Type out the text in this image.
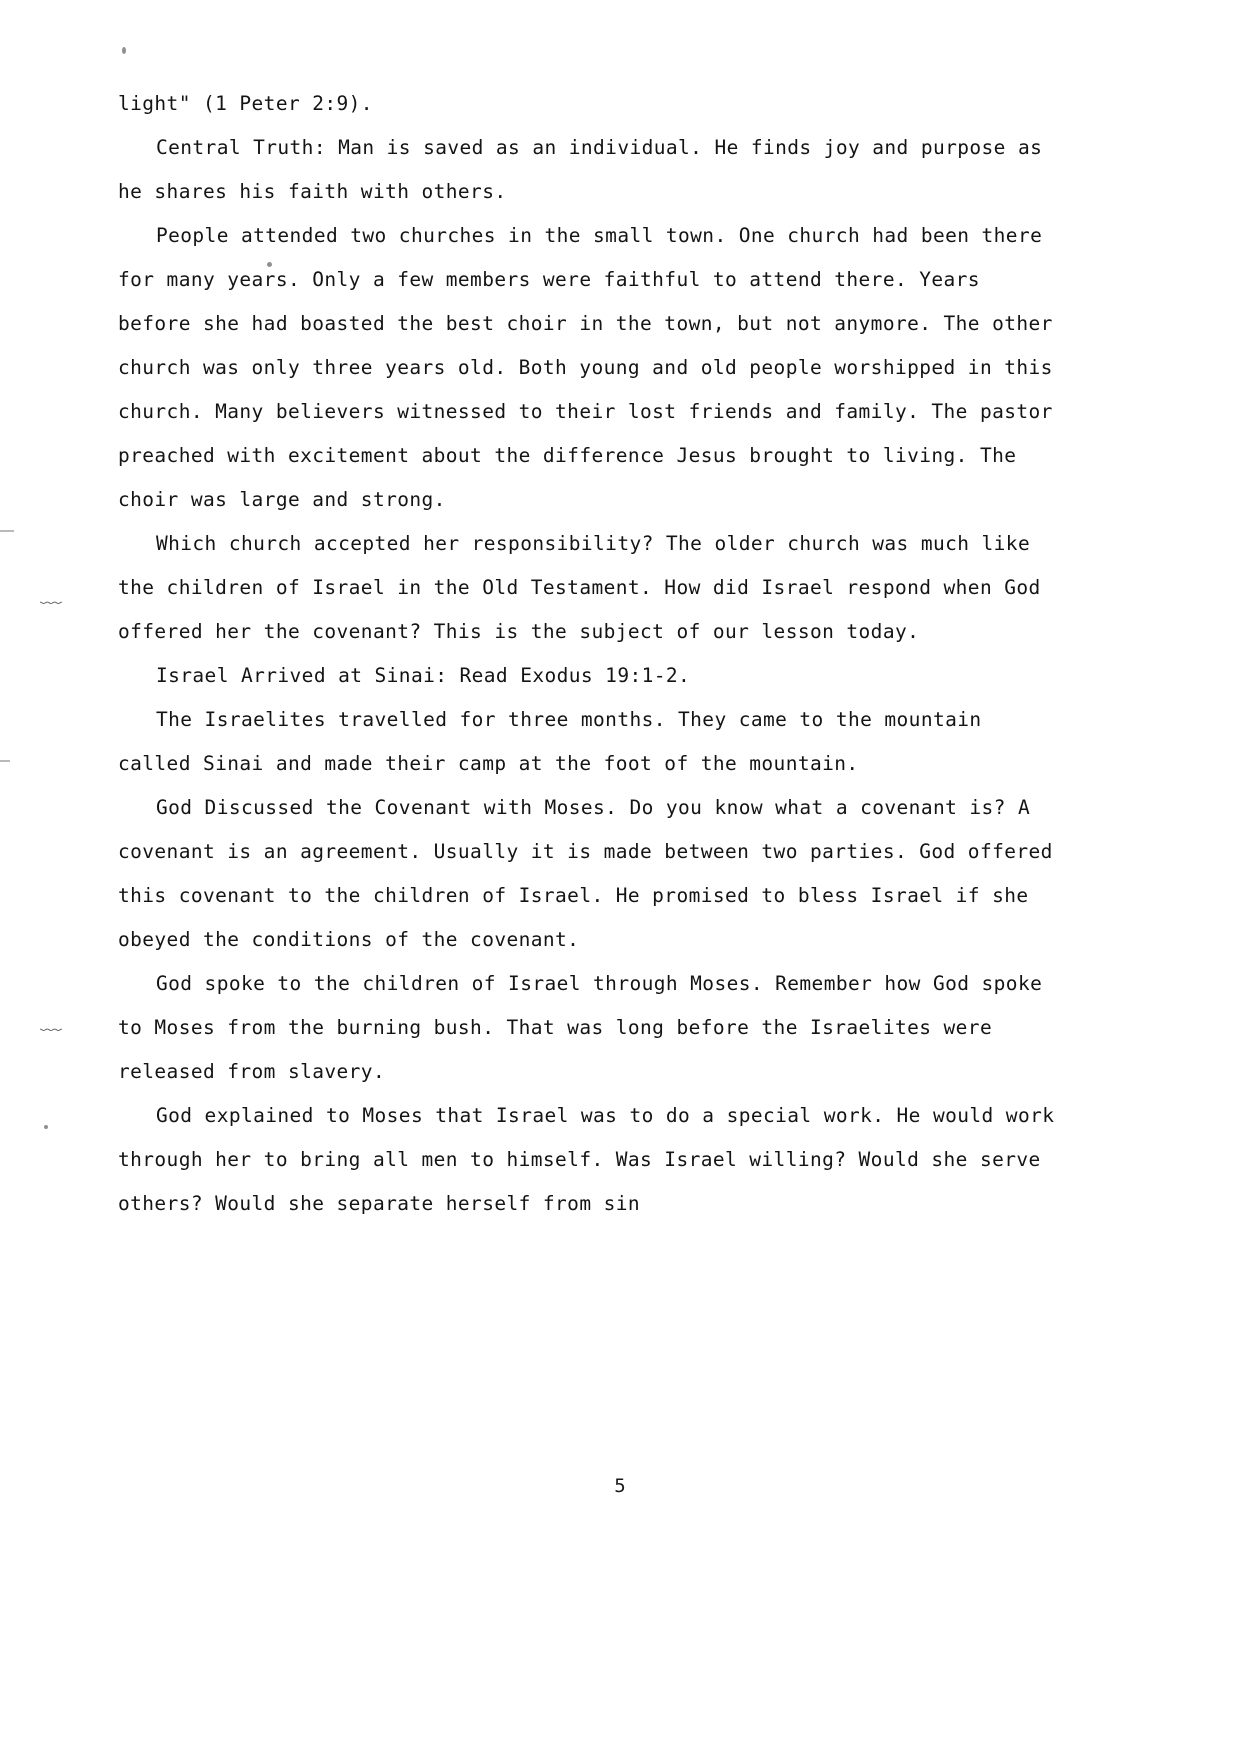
﹏
﹏

light" (1 Peter 2:9).

Central Truth: Man is saved as an individual. He finds joy and purpose as he shares his faith with others.

People attended two churches in the small town. One church had been there for many years. Only a few members were faithful to attend there. Years before she had boasted the best choir in the town, but not anymore. The other church was only three years old. Both young and old people worshipped in this church. Many believers witnessed to their lost friends and family. The pastor preached with excitement about the difference Jesus brought to living. The choir was large and strong.

Which church accepted her responsibility? The older church was much like the children of Israel in the Old Testament. How did Israel respond when God offered her the covenant? This is the subject of our lesson today.

Israel Arrived at Sinai: Read Exodus 19:1-2.

The Israelites travelled for three months. They came to the mountain called Sinai and made their camp at the foot of the mountain.

God Discussed the Covenant with Moses. Do you know what a covenant is? A covenant is an agreement. Usually it is made between two parties. God offered this covenant to the children of Israel. He promised to bless Israel if she obeyed the conditions of the covenant.

God spoke to the children of Israel through Moses. Remember how God spoke to Moses from the burning bush. That was long before the Israelites were released from slavery.

God explained to Moses that Israel was to do a special work. He would work through her to bring all men to himself. Was Israel willing? Would she serve others? Would she separate herself from sin

5
